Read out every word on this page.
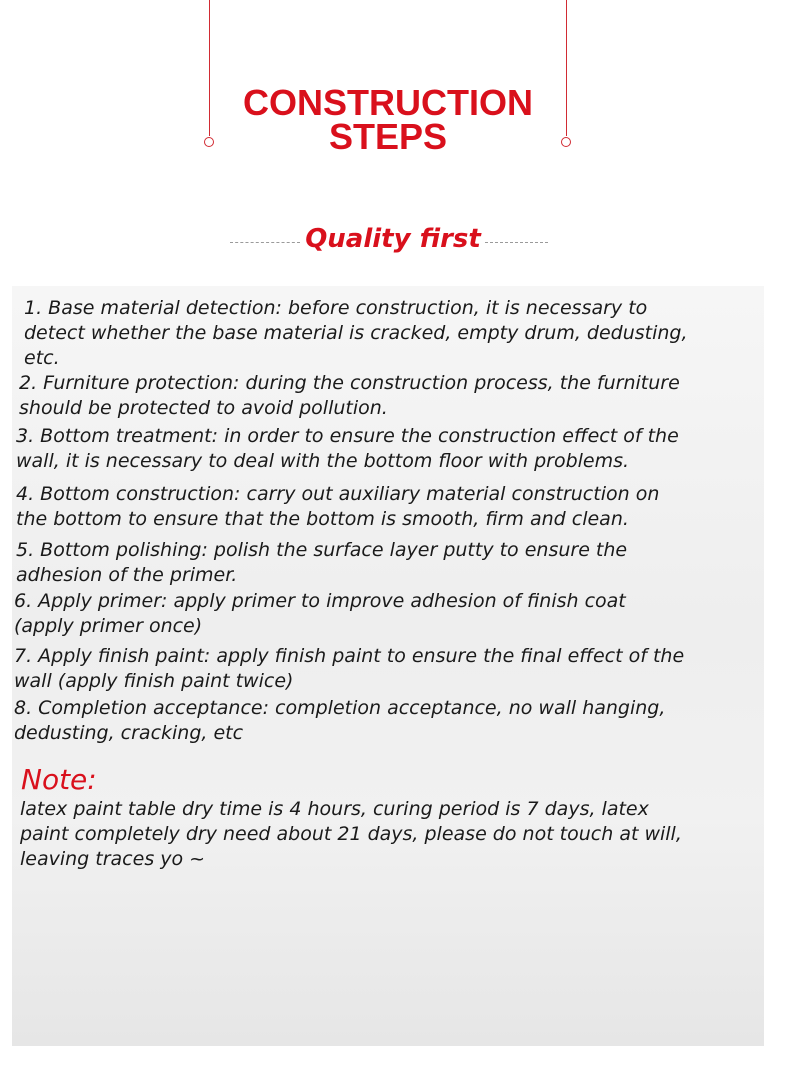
CONSTRUCTION
STEPS

Quality first

1. Base material detection: before construction, it is necessary to
detect whether the base material is cracked, empty drum, dedusting,
etc.

2. Furniture protection: during the construction process, the furniture
should be protected to avoid pollution.

3. Bottom treatment: in order to ensure the construction effect of the
wall, it is necessary to deal with the bottom floor with problems.

4. Bottom construction: carry out auxiliary material construction on
the bottom to ensure that the bottom is smooth, firm and clean.

5. Bottom polishing: polish the surface layer putty to ensure the
adhesion of the primer.

6. Apply primer: apply primer to improve adhesion of finish coat
(apply primer once)

7. Apply finish paint: apply finish paint to ensure the final effect of the
wall (apply finish paint twice)

8. Completion acceptance: completion acceptance, no wall hanging,
dedusting, cracking, etc

Note:

latex paint table dry time is 4 hours, curing period is 7 days, latex
paint completely dry need about 21 days, please do not touch at will,
leaving traces yo ~
